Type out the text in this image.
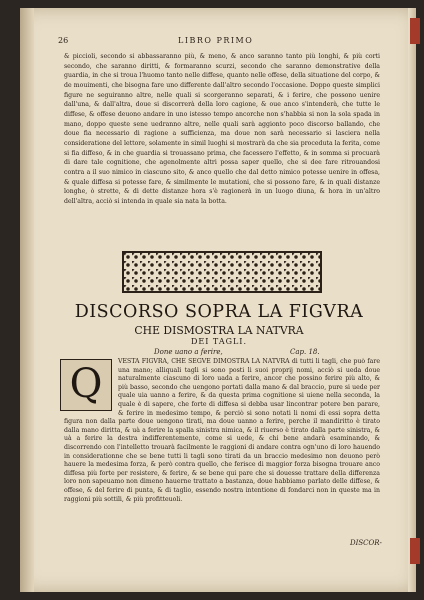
26	LIBRO PRIMO
& piccioli, secondo si abbassaranno più, & meno, & anco saranno tanto più longhi, & più corti secondo, che saranno diritti, & formaranno scurzi, secondo che saranno demonstrative della guardia, in che si troua l'huomo tanto nelle diffese, quanto nelle offese, della situatione del corpo, & de mouimenti, che bisogna fare uno differente dall'altro secondo l'occasione. Doppo queste simplici figure ne seguiranno altre, nelle quali si scorgeranno separati, & i ferire, che possono uenire dall'una, & dall'altra, doue si discorrerà della loro cagione, & oue anco s'intenderà, che tutte le diffese, & offese deuono andare in uno istesso tempo ancorche non s'habbia si non la sola spada in mano, doppo queste sene uedranno altre, nelle quali sarà aggionto poco discorso ballando, che doue fia necessario di ragione a sufficienza, ma doue non sarà necessario si lasciera nella consideratione del lettore, solamente in simil luoghi si mostrarà da che sia proceduta la ferita, come si fia diffeso, & in che guardia si trouassano prima, che facessero l'effetto, & in somma si procuarà di dare tale cognitione, che agenolmente altri possa saper quello, che si dee fare ritrouandosi contra a il suo nimico in ciascuno sito, & anco quello che dal detto nimico potesse uenire in offesa, & quale diffesa si potesse fare, & similmente le mutationi, che si possono fare, & in quali distanze longhe, ò strette, & di dette distanze hora s'è ragionerà in un luogo diuna, & hora in un'altro dell'altra, acciò si intenda in quale sia nata la botta.
DISCORSO SOPRA LA FIGVRA
CHE DISMOSTRA LA NATVRA
DEI TAGLI.
Done uano a ferire,	Cap. 18.
Q	VESTA FIGVRA, CHE SEGVE DIMOSTRA LA NATVRA di tutti li tagli, che può fare una mano; alliquali tagli si sono posti li suoi proprij nomi, acciò si ueda doue naturalmente ciascuno di loro uada a ferire, ancor che possino ferire più alto, & più basso, secondo che uengono portati dalla mano & dal braccio, pure si uede per quale uia uanno a ferire, & da questa prima cognitione si uiene nella seconda, la quale è di sapere, che forte di diffesa si debba usar lincontrar potere ben parare, & ferire in medesimo tempo, & perciò si sono notati li nomi di essi sopra detta figura non dalla parte doue uengono tirati, ma doue uanno a ferire, perche il mandiritto è tirato dalla mano diritta, & uà a ferire la spalla sinistra nimica, & il riuerso è tirato dalla parte sinistra, & uà a ferire la destra indifferentemente, come si uede, & chi bene andarà esaminando, & discorrendo con l'intelletto trouarà facilmente le raggioni di andare contra ogn'uno di loro hauendo in considerationne che se bene tutti li tagli sono tirati da un braccio medesimo non deuono però hauere la medesima forza, & però contra quello, che ferisce di maggior forza bisogna trouare anco diffesa più forte per resistere, & ferire, & se bene qui pare che si douesse trattare della differenza loro non sapeuamo non dimeno hauerne trattato a bastanza, doue habbiamo parlato delle diffese, & offese, & del ferire di punta, & di taglio, essendo nostra intentione di fondarci non in queste ma in raggioni più sottili, & più profitteuoli.
DISCOR-
